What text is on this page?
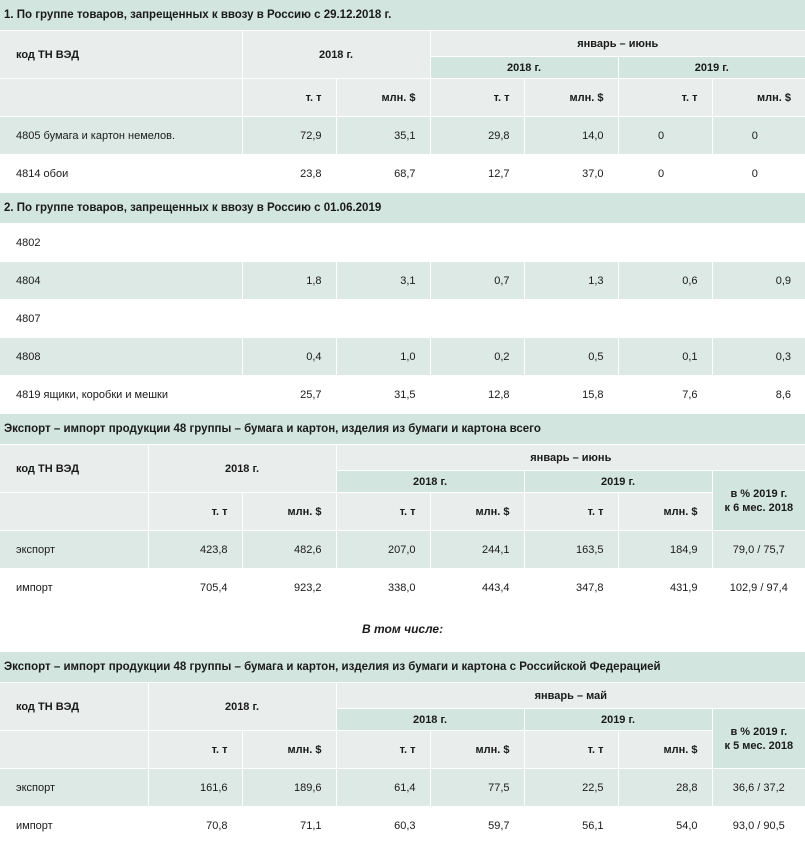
1. По группе товаров, запрещенных к ввозу в Россию с 29.12.2018 г.						
код ТН ВЭД	2018 г.		январь – июнь			
			2018 г.		2019 г.	
	т. т	млн. $	т. т	млн. $	т. т	млн. $
4805 бумага и картон немелов.	72,9	35,1	29,8	14,0	0	0
4814 обои	23,8	68,7	12,7	37,0	0	0
2. По группе товаров, запрещенных к ввозу в Россию с 01.06.2019						
4802						
4804	1,8	3,1	0,7	1,3	0,6	0,9
4807						
4808	0,4	1,0	0,2	0,5	0,1	0,3
4819 ящики, коробки и мешки	25,7	31,5	12,8	15,8	7,6	8,6
Экспорт – импорт продукции 48 группы – бумага и картон, изделия из бумаги и картона всего							
код ТН ВЭД	2018 г.		январь – июнь				
			2018 г.		2019 г.		в % 2019 г.
к 6 мес. 2018

	т. т	млн. $	т. т	млн. $	т. т	млн. $	
экспорт	423,8	482,6	207,0	244,1	163,5	184,9	79,0 / 75,7
импорт	705,4	923,2	338,0	443,4	347,8	431,9	102,9 / 97,4
В том числе:							
Экспорт – импорт продукции 48 группы – бумага и картон, изделия из бумаги и картона с Российской Федерацией							
код ТН ВЭД	2018 г.		январь – май				
			2018 г.		2019 г.		в % 2019 г.
к 5 мес. 2018

	т. т	млн. $	т. т	млн. $	т. т	млн. $	
экспорт	161,6	189,6	61,4	77,5	22,5	28,8	36,6 / 37,2
импорт	70,8	71,1	60,3	59,7	56,1	54,0	93,0 / 90,5
